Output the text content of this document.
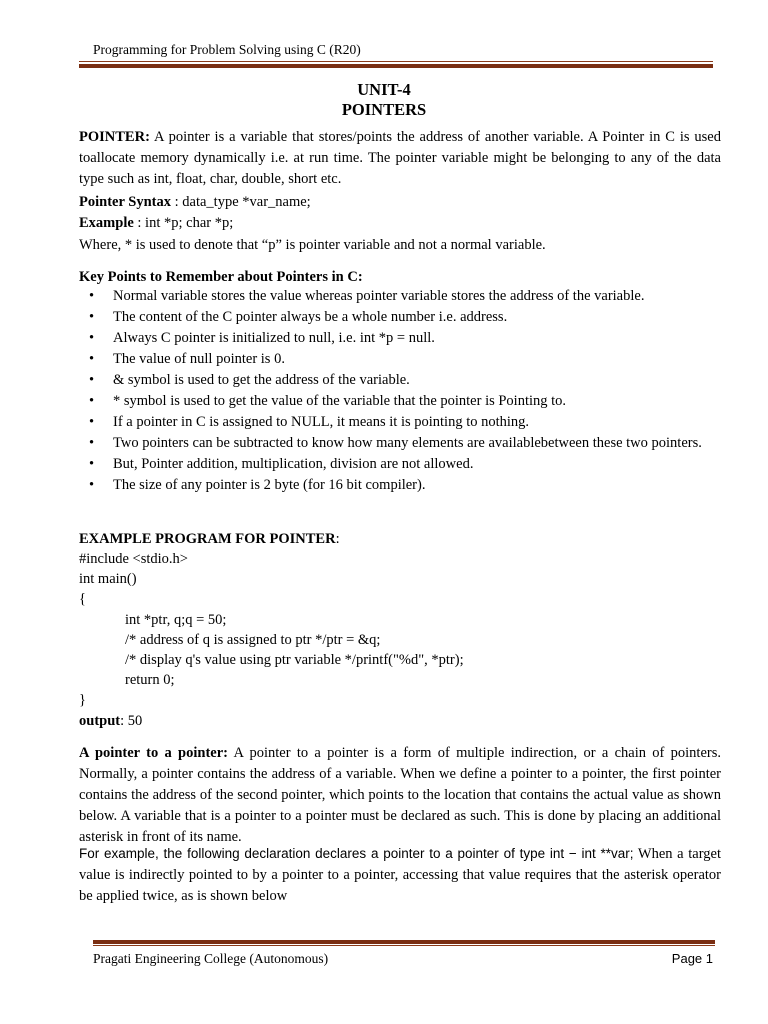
Programming for Problem Solving using C (R20)
UNIT-4
POINTERS
POINTER: A pointer is a variable that stores/points the address of another variable. A Pointer in C is used toallocate memory dynamically i.e. at run time. The pointer variable might be belonging to any of the data type such as int, float, char, double, short etc.
Pointer Syntax : data_type *var_name;
Example : int *p; char *p;
Where, * is used to denote that “p” is pointer variable and not a normal variable.
Key Points to Remember about Pointers in C:
• Normal variable stores the value whereas pointer variable stores the address of the variable.
• The content of the C pointer always be a whole number i.e. address.
• Always C pointer is initialized to null, i.e. int *p = null.
• The value of null pointer is 0.
• & symbol is used to get the address of the variable.
• * symbol is used to get the value of the variable that the pointer is Pointing to.
• If a pointer in C is assigned to NULL, it means it is pointing to nothing.
• Two pointers can be subtracted to know how many elements are availablebetween these two pointers.
• But, Pointer addition, multiplication, division are not allowed.
• The size of any pointer is 2 byte (for 16 bit compiler).
EXAMPLE PROGRAM FOR POINTER:
#include <stdio.h>
int main()
{
int *ptr, q;q = 50;
/* address of q is assigned to ptr */ptr = &q;
/* display q's value using ptr variable */printf("%d", *ptr);
return 0;
}
output: 50
A pointer to a pointer: A pointer to a pointer is a form of multiple indirection, or a chain of pointers. Normally, a pointer contains the address of a variable. When we define a pointer to a pointer, the first pointer contains the address of the second pointer, which points to the location that contains the actual value as shown below. A variable that is a pointer to a pointer must be declared as such. This is done by placing an additional asterisk in front of its name.
For example, the following declaration declares a pointer to a pointer of type int − int **var; When a target value is indirectly pointed to by a pointer to a pointer, accessing that value requires that the asterisk operator be applied twice, as is shown below
Pragati Engineering College (Autonomous)	Page 1
